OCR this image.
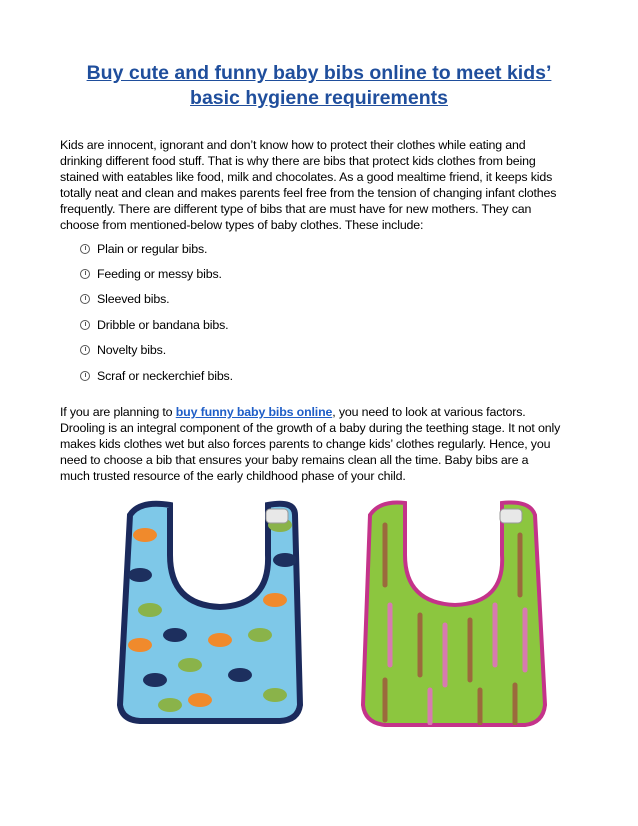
Buy cute and funny baby bibs online to meet kids’
basic hygiene requirements
Kids are innocent, ignorant and don’t know how to protect their clothes while eating and
drinking different food stuff. That is why there are bibs that protect kids clothes from being
stained with eatables like food, milk and chocolates. As a good mealtime friend, it keeps kids
totally neat and clean and makes parents feel free from the tension of changing infant clothes
frequently. There are different type of bibs that are must have for new mothers. They can
choose from mentioned-below types of baby clothes. These include:
Plain or regular bibs.
Feeding or messy bibs.
Sleeved bibs.
Dribble or bandana bibs.
Novelty bibs.
Scraf or neckerchief bibs.
If you are planning to buy funny baby bibs online, you need to look at various factors.
Drooling is an integral component of the growth of a baby during the teething stage. It not only
makes kids clothes wet but also forces parents to change kids’ clothes regularly. Hence, you
need to choose a bib that ensures your baby remains clean all the time. Baby bibs are a
much trusted resource of the early childhood phase of your child.
